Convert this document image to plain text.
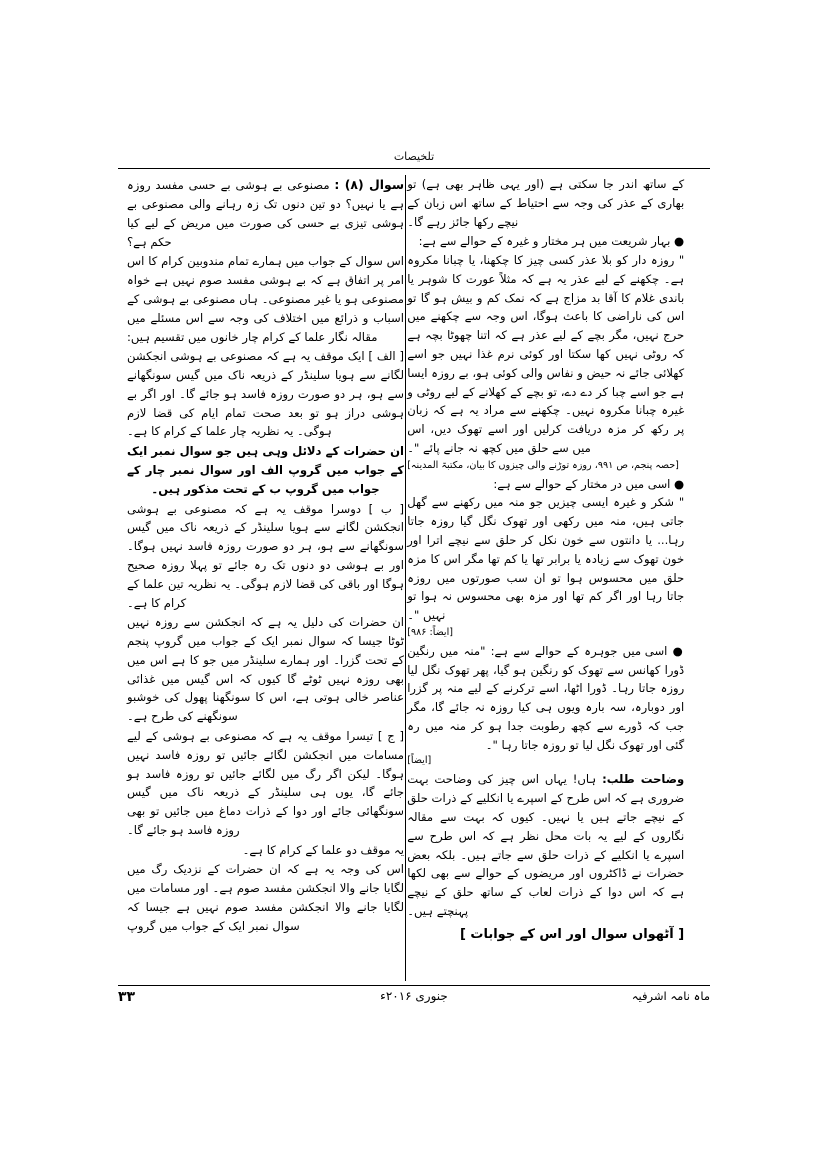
ﺗﻠﺨﯿﺼﺎت

سوال (۸) : مصنوعی بے ہوشی بے حسی مفسد روزہ ہے یا نہیں؟ دو تین دنوں تک زہ رہانے والی مصنوعی بے ہوشی تیزی بے حسی کی صورت میں مریض کے لیے کیا حکم ہے؟

اس سوال کے جواب میں ہمارے تمام مندوبین کرام کا اس امر پر اتفاق ہے کہ بے ہوشی مفسد صوم نہیں ہے خواہ مصنوعی ہو یا غیر مصنوعی۔ ہاں مصنوعی بے ہوشی کے اسباب و ذرائع میں اختلاف کی وجہ سے اس مسئلے میں مقالہ نگار علما کے کرام چار خانوں میں تقسیم ہیں:

[ الف ] ایک موقف یہ ہے کہ مصنوعی بے ہوشی انجکشن لگانے سے ہویا سلینڈر کے ذریعہ ناک میں گیس سونگھانے سے ہو، ہر دو صورت روزہ فاسد ہو جائے گا۔ اور اگر بے ہوشی دراز ہو تو بعد صحت تمام ایام کی قضا لازم ہوگی۔ یہ نظریہ چار علما کے کرام کا ہے۔

ان حضرات کے دلائل وہی ہیں جو سوال نمبر ایک کے جواب میں گروپ الف اور سوال نمبر چار کے جواب میں گروپ ب کے تحت مذکور ہیں۔

[ ب ] دوسرا موقف یہ ہے کہ مصنوعی بے ہوشی انجکشن لگانے سے ہویا سلینڈر کے ذریعہ ناک میں گیس سونگھانے سے ہو، ہر دو صورت روزہ فاسد نہیں ہوگا۔ اور بے ہوشی دو دنوں تک رہ جائے تو پہلا روزہ صحیح ہوگا اور باقی کی قضا لازم ہوگی۔ یہ نظریہ تین علما کے کرام کا ہے۔

ان حضرات کی دلیل یہ ہے کہ انجکشن سے روزہ نہیں ٹوٹا جیسا کہ سوال نمبر ایک کے جواب میں گروپ پنجم کے تحت گزرا۔ اور ہمارے سلینڈر میں جو کا ہے اس میں بھی روزہ نہیں ٹوٹے گا کیوں کہ اس گیس میں غذائی عناصر خالی ہوتی ہے، اس کا سونگھنا پھول کی خوشبو سونگھنے کی طرح ہے۔

[ ج ] تیسرا موقف یہ ہے کہ مصنوعی بے ہوشی کے لیے مسامات میں انجکشن لگائے جائیں تو روزہ فاسد نہیں ہوگا۔ لیکن اگر رگ میں لگائے جائیں تو روزہ فاسد ہو جائے گا، یوں ہی سلینڈر کے ذریعہ ناک میں گیس سونگھائی جائے اور دوا کے ذرات دماغ میں جائیں تو بھی روزہ فاسد ہو جائے گا۔

یہ موقف دو علما کے کرام کا ہے۔

اس کی وجہ یہ ہے کہ ان حضرات کے نزدیک رگ میں لگایا جانے والا انجکشن مفسد صوم ہے۔ اور مسامات میں لگایا جانے والا انجکشن مفسد صوم نہیں ہے جیسا کہ سوال نمبر ایک کے جواب میں گروپ

کے ساتھ اندر جا سکتی ہے (اور یہی ظاہر بھی ہے) تو بھاری کے عذر کی وجہ سے احتیاط کے ساتھ اس زبان کے نیچے رکھا جائز رہے گا۔

● بہار شریعت میں ہر مختار و غیرہ کے حوالے سے ہے:

" روزہ دار کو بلا عذر کسی چیز کا چکھنا، یا چبانا مکروہ ہے۔ چکھنے کے لیے عذر یہ ہے کہ مثلاً عورت کا شوہر یا باندی غلام کا آقا بد مزاج ہے کہ نمک کم و بیش ہو گا تو اس کی ناراضی کا باعث ہوگا، اس وجہ سے چکھنے میں حرج نہیں، مگر بچے کے لیے عذر ہے کہ اتنا چھوٹا بچہ ہے کہ روٹی نہیں کھا سکتا اور کوئی نرم غذا نہیں جو اسے کھلائی جائے نہ حیض و نفاس والی کوئی ہو، بے روزہ ایسا ہے جو اسے چبا کر دے دے، تو بچے کے کھلانے کے لیے روٹی و غیرہ چبانا مکروہ نہیں۔ چکھنے سے مراد یہ ہے کہ زبان پر رکھ کر مزہ دریافت کرلیں اور اسے تھوک دیں، اس میں سے حلق میں کچھ نہ جانے پائے "۔

[حصہ پنجم، ص ۹۹۱، روزہ توڑنے والی چیزوں کا بیان، مکتبۃ المدینہ]

● اسی میں در مختار کے حوالے سے ہے:

" شکر و غیرہ ایسی چیزیں جو منہ میں رکھنے سے گھل جاتی ہیں، منہ میں رکھی اور تھوک نگل گیا روزہ جاتا رہا... یا دانتوں سے خون نکل کر حلق سے نیچے اترا اور خون تھوک سے زیادہ یا برابر تھا یا کم تھا مگر اس کا مزہ حلق میں محسوس ہوا تو ان سب صورتوں میں روزہ جاتا رہا اور اگر کم تھا اور مزہ بھی محسوس نہ ہوا تو نہیں "۔

[ایضاً: ۹۸۶]

● اسی میں جوہرہ کے حوالے سے ہے: "منہ میں رنگین ڈورا کھانس سے تھوک کو رنگین ہو گیا، پھر تھوک نگل لیا روزہ جاتا رہا۔ ڈورا اٹھا، اسے ترکرنے کے لیے منہ پر گزرا اور دوبارہ، سہ بارہ ویوں ہی کیا روزہ نہ جائے گا، مگر جب کہ ڈورے سے کچھ رطوبت جدا ہو کر منہ میں رہ گئی اور تھوک نگل لیا تو روزہ جاتا رہا "۔

[ایضاً]

وضاحت طلب: ہاں! یہاں اس چیز کی وضاحت بہت ضروری ہے کہ اس طرح کے اسپرے یا انکلیے کے ذرات حلق کے نیچے جاتے ہیں یا نہیں۔ کیوں کہ بہت سے مقالہ نگاروں کے لیے یہ بات محل نظر ہے کہ اس طرح سے اسپرے یا انکلیے کے ذرات حلق سے جاتے ہیں۔ بلکہ بعض حضرات نے ڈاکٹروں اور مریضوں کے حوالے سے بھی لکھا ہے کہ اس دوا کے ذرات لعاب کے ساتھ حلق کے نیچے پہنچتے ہیں۔

[ آٹھواں سوال اور اس کے جوابات ]

ماہ نامہ اشرفیہ
جنوری ۲۰۱۶ء
۳۳
